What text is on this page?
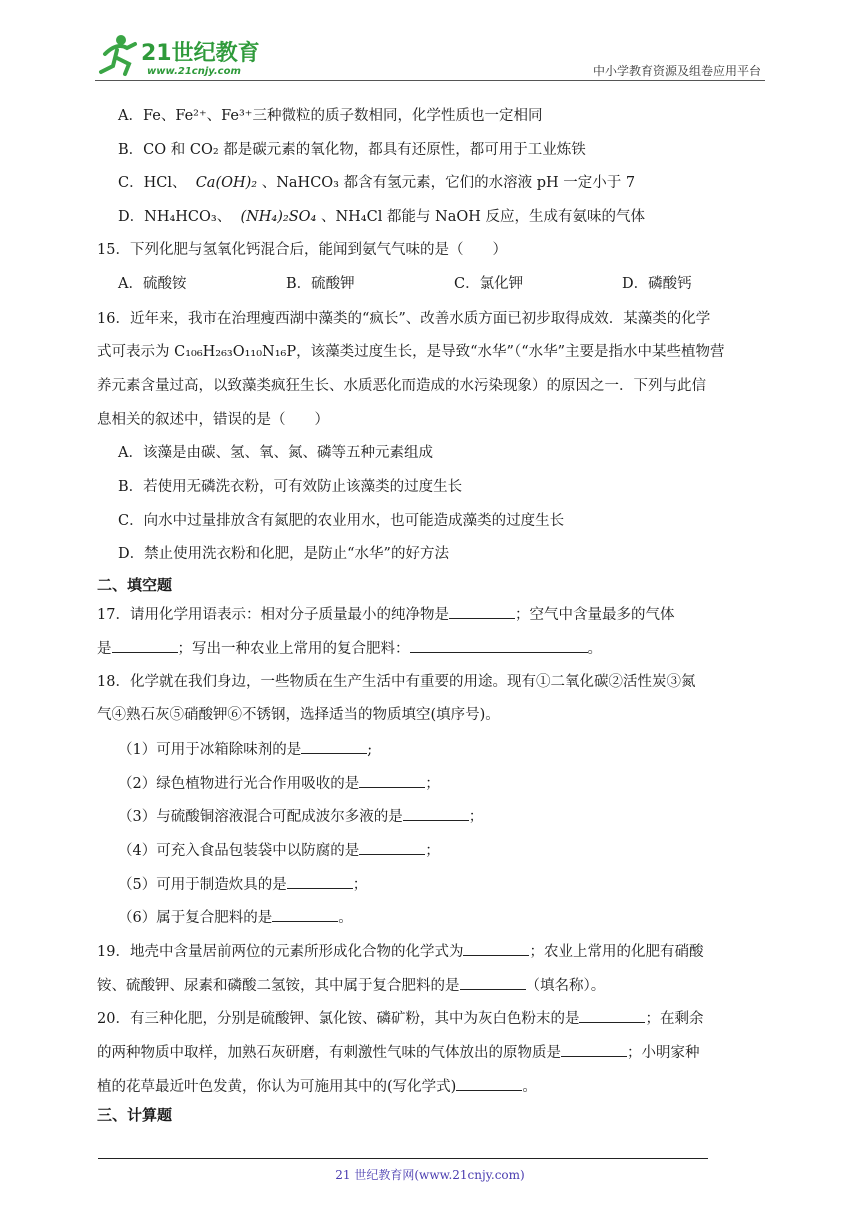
21世纪教育
www.21cnjy.com	中小学教育资源及组卷应用平台
A．Fe、Fe²⁺、Fe³⁺三种微粒的质子数相同，化学性质也一定相同
B．CO 和 CO₂ 都是碳元素的氧化物，都具有还原性，都可用于工业炼铁
C．HCl、 Ca(OH)₂ 、NaHCO₃ 都含有氢元素，它们的水溶液 pH 一定小于 7
D．NH₄HCO₃、 (NH₄)₂SO₄ 、NH₄Cl 都能与 NaOH 反应，生成有氨味的气体
15．下列化肥与氢氧化钙混合后，能闻到氨气气味的是（　　）
A．硫酸铵	B．硫酸钾	C．氯化钾	D．磷酸钙
16．近年来，我市在治理瘦西湖中藻类的“疯长”、改善水质方面已初步取得成效．某藻类的化学
式可表示为 C₁₀₆H₂₆₃O₁₁₀N₁₆P，该藻类过度生长，是导致“水华”（“水华”主要是指水中某些植物营
养元素含量过高，以致藻类疯狂生长、水质恶化而造成的水污染现象）的原因之一．下列与此信
息相关的叙述中，错误的是（　　）
A．该藻是由碳、氢、氧、氮、磷等五种元素组成
B．若使用无磷洗衣粉，可有效防止该藻类的过度生长
C．向水中过量排放含有氮肥的农业用水，也可能造成藻类的过度生长
D．禁止使用洗衣粉和化肥，是防止“水华”的好方法
二、填空题
17．请用化学用语表示：相对分子质量最小的纯净物是	；空气中含量最多的气体
是	；写出一种农业上常用的复合肥料：	。
18．化学就在我们身边，一些物质在生产生活中有重要的用途。现有①二氧化碳②活性炭③氮
气④熟石灰⑤硝酸钾⑥不锈钢，选择适当的物质填空(填序号)。
（1）可用于冰箱除味剂的是	;
（2）绿色植物进行光合作用吸收的是	；
（3）与硫酸铜溶液混合可配成波尔多液的是	；
（4）可充入食品包装袋中以防腐的是	；
（5）可用于制造炊具的是	；
（6）属于复合肥料的是	。
19．地壳中含量居前两位的元素所形成化合物的化学式为	；农业上常用的化肥有硝酸
铵、硫酸钾、尿素和磷酸二氢铵，其中属于复合肥料的是	（填名称）。
20．有三种化肥，分别是硫酸钾、氯化铵、磷矿粉，其中为灰白色粉末的是	；在剩余
的两种物质中取样，加熟石灰研磨，有刺激性气味的气体放出的原物质是	；小明家种
植的花草最近叶色发黄，你认为可施用其中的(写化学式)	。
三、计算题
21 世纪教育网(www.21cnjy.com)
